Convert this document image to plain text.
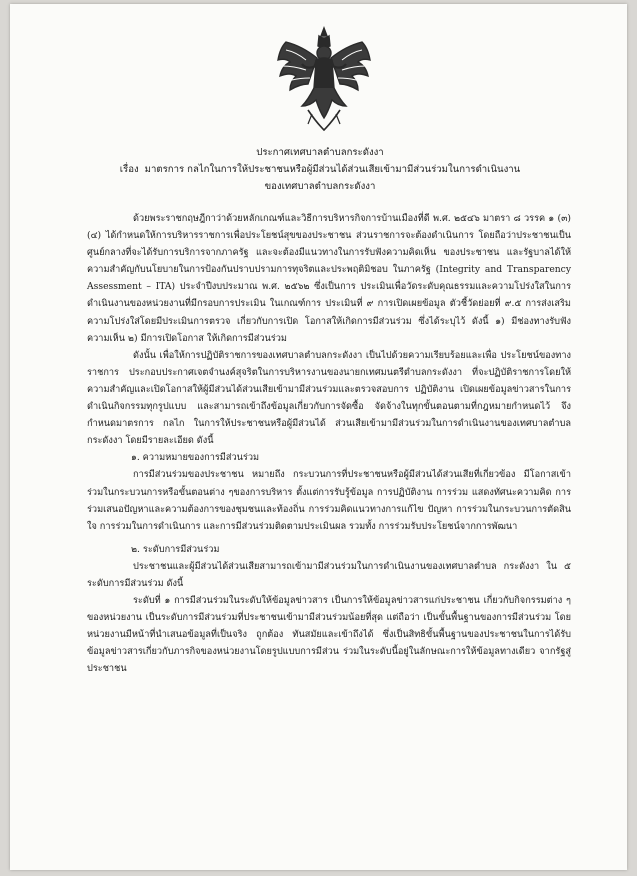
ประกาศเทศบาลตำบลกระดังงา
เรื่อง มาตรการ กลไกในการให้ประชาชนหรือผู้มีส่วนได้ส่วนเสียเข้ามามีส่วนร่วมในการดำเนินงาน
ของเทศบาลตำบลกระดังงา

ด้วยพระราชกฤษฎีกาว่าด้วยหลักเกณฑ์และวิธีการบริหารกิจการบ้านเมืองที่ดี พ.ศ. ๒๕๔๖ มาตรา ๘ วรรค ๑ (๓)(๔) ได้กำหนดให้การบริหารราชการเพื่อประโยชน์สุขของประชาชน ส่วนราชการจะต้องดำเนินการ โดยถือว่าประชาชนเป็นศูนย์กลางที่จะได้รับการบริการจากภาครัฐ และจะต้องมีแนวทางในการรับฟังความคิดเห็น ของประชาชน และรัฐบาลได้ให้ความสำคัญกับนโยบายในการป้องกันปราบปรามการทุจริตและประพฤติมิชอบ ในภาครัฐ (Integrity and Transparency Assessment – ITA) ประจำปีงบประมาณ พ.ศ. ๒๕๖๒ ซึ่งเป็นการ ประเมินเพื่อวัดระดับคุณธรรมและความโปร่งใสในการดำเนินงานของหน่วยงานที่มีกรอบการประเมิน ในเกณฑ์การ ประเมินที่ ๙ การเปิดเผยข้อมูล ตัวชี้วัดย่อยที่ ๙.๕ การส่งเสริมความโปร่งใส่โดยมีประเมินการตรวจ เกี่ยวกับการเปิด โอกาสให้เกิดการมีส่วนร่วม ซึ่งได้ระบุไว้ ดังนี้ ๑) มีช่องทางรับฟังความเห็น ๒) มีการเปิดโอกาส ให้เกิดการมีส่วนร่วม

ดังนั้น เพื่อให้การปฏิบัติราชการของเทศบาลตำบลกระดังงา เป็นไปด้วยความเรียบร้อยและเพื่อ ประโยชน์ของทางราชการ ประกอบประกาศเจตจำนงค์สุจริตในการบริหารงานของนายกเทศมนตรีตำบลกระดังงา ที่จะปฏิบัติราชการโดยให้ความสำคัญและเปิดโอกาสให้ผู้มีส่วนได้ส่วนเสียเข้ามามีส่วนร่วมและตรวจสอบการ ปฏิบัติงาน เปิดเผยข้อมูลข่าวสารในการดำเนินกิจกรรมทุกรูปแบบ และสามารถเข้าถึงข้อมูลเกี่ยวกับการจัดซื้อ จัดจ้างในทุกขั้นตอนตามที่กฎหมายกำหนดไว้ จึงกำหนดมาตรการ กลไก ในการให้ประชาชนหรือผู้มีส่วนได้ ส่วนเสียเข้ามามีส่วนร่วมในการดำเนินงานของเทศบาลตำบลกระดังงา โดยมีรายละเอียด ดังนี้

๑. ความหมายของการมีส่วนร่วม

การมีส่วนร่วมของประชาชน หมายถึง กระบวนการที่ประชาชนหรือผู้มีส่วนได้ส่วนเสียที่เกี่ยวข้อง มีโอกาสเข้าร่วมในกระบวนการหรือขั้นตอนต่าง ๆของการบริหาร ตั้งแต่การรับรู้ข้อมูล การปฏิบัติงาน การร่วม แสดงทัศนะความคิด การร่วมเสนอปัญหาและความต้องการของชุมชนและท้องถิ่น การร่วมคิดแนวทางการแก้ไข ปัญหา การร่วมในกระบวนการตัดสินใจ การร่วมในการดำเนินการ และการมีส่วนร่วมติดตามประเมินผล รวมทั้ง การร่วมรับประโยชน์จากการพัฒนา

๒. ระดับการมีส่วนร่วม

ประชาชนและผู้มีส่วนได้ส่วนเสียสามารถเข้ามามีส่วนร่วมในการดำเนินงานของเทศบาลตำบล กระดังงา ใน ๕ ระดับการมีส่วนร่วม ดังนี้

ระดับที่ ๑ การมีส่วนร่วมในระดับให้ข้อมูลข่าวสาร เป็นการให้ข้อมูลข่าวสารแก่ประชาชน เกี่ยวกับกิจกรรมต่าง ๆ ของหน่วยงาน เป็นระดับการมีส่วนร่วมที่ประชาชนเข้ามามีส่วนร่วมน้อยที่สุด แต่ถือว่า เป็นขั้นพื้นฐานของการมีส่วนร่วม โดยหน่วยงานมีหน้าที่นำเสนอข้อมูลที่เป็นจริง ถูกต้อง ทันสมัยและเข้าถึงได้ ซึ่งเป็นสิทธิขั้นพื้นฐานของประชาชนในการได้รับข้อมูลข่าวสารเกี่ยวกับภารกิจของหน่วยงานโดยรูปแบบการมีส่วน ร่วมในระดับนี้อยู่ในลักษณะการให้ข้อมูลทางเดียว จากรัฐสู่ประชาชน
